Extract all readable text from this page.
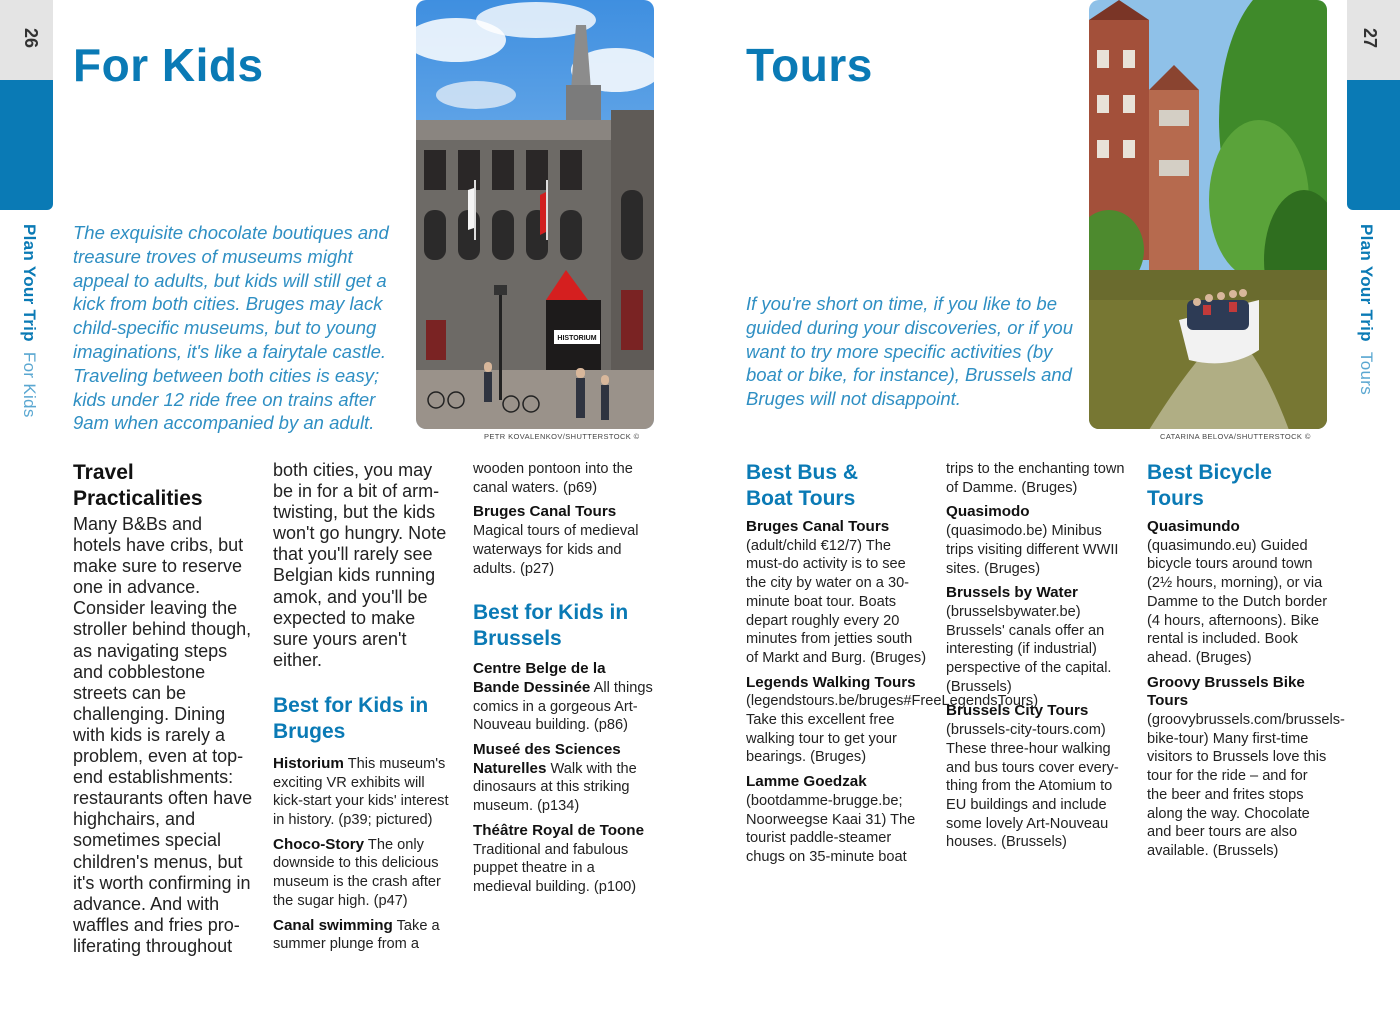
26
Plan Your Trip  For Kids
For Kids
The exquisite chocolate boutiques and treasure troves of museums might appeal to adults, but kids will still get a kick from both cities. Bruges may lack child-specific museums, but to young imaginations, it's like a fairytale castle. Traveling between both cities is easy; kids under 12 ride free on trains after 9am when accompanied by an adult.
HISTORIUM
PETR KOVALENKOV/SHUTTERSTOCK ©
Travel
Practicalities
Many B&Bs and hotels have cribs, but make sure to reserve one in advance. Consider leaving the stroller behind though, as navigating steps and cobblestone streets can be challenging. Dining with kids is rarely a problem, even at top-end establishments: restaurants often have highchairs, and sometimes special children's menus, but it's worth confirming in advance. And with waffles and fries proliferating throughout
both cities, you may be in for a bit of arm-twisting, but the kids won't go hungry. Note that you'll rarely see Belgian kids running amok, and you'll be expected to make sure yours aren't either.
Best for Kids in Bruges
Historium This museum's exciting VR exhibits will kick-start your kids' interest in history. (p39; pictured)
Choco-Story The only downside to this delicious museum is the crash after the sugar high. (p47)
Canal swimming Take a summer plunge from a
wooden pontoon into the canal waters. (p69)
Bruges Canal Tours Magical tours of medieval waterways for kids and adults. (p27)
Best for Kids in Brussels
Centre Belge de la Bande Dessinée All things comics in a gorgeous Art-Nouveau building. (p86)
Museé des Sciences Naturelles Walk with the dinosaurs at this striking museum. (p134)
Théâtre Royal de Toone Traditional and fabulous puppet theatre in a medieval building. (p100)
27
Plan Your Trip  Tours
Tours
If you're short on time, if you like to be guided during your discoveries, or if you want to try more specific activities (by boat or bike, for instance), Brussels and Bruges will not disappoint.
CATARINA BELOVA/SHUTTERSTOCK ©
Best Bus & Boat Tours
Bruges Canal Tours (adult/child €12/7) The must-do activity is to see the city by water on a 30-minute boat tour. Boats depart roughly every 20 minutes from jetties south of Markt and Burg. (Bruges)
Legends Walking Tours (legendstours.be/bruges#FreeLegendsTours) Take this excellent free walking tour to get your bearings. (Bruges)
Lamme Goedzak (bootdamme-brugge.be; Noorweegse Kaai 31) The tourist paddle-steamer chugs on 35-minute boat
trips to the enchanting town of Damme. (Bruges)
Quasimodo (quasimodo.be) Minibus trips visiting different WWII sites. (Bruges)
Brussels by Water (brusselsbywater.be) Brussels' canals offer an interesting (if industrial) perspective of the capital. (Brussels)
Brussels City Tours (brussels-city-tours.com) These three-hour walking and bus tours cover everything from the Atomium to EU buildings and include some lovely Art-Nouveau houses. (Brussels)
Best Bicycle Tours
Quasimundo (quasimundo.eu) Guided bicycle tours around town (2½ hours, morning), or via Damme to the Dutch border (4 hours, afternoons). Bike rental is included. Book ahead. (Bruges)
Groovy Brussels Bike Tours (groovybrussels.com/brussels-bike-tour) Many first-time visitors to Brussels love this tour for the ride – and for the beer and frites stops along the way. Chocolate and beer tours are also available. (Brussels)
